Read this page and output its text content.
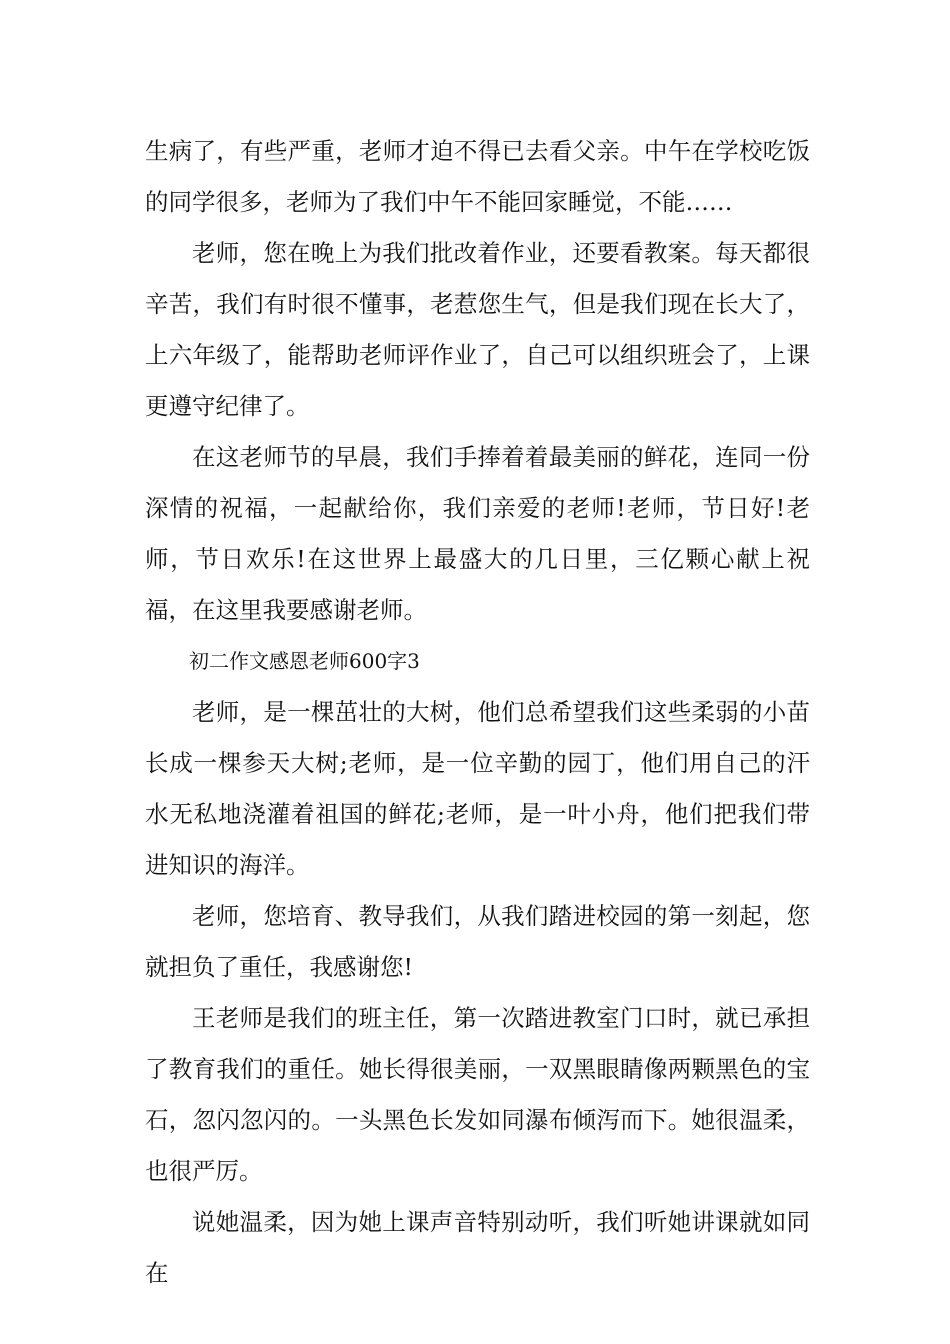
生病了，有些严重，老师才迫不得已去看父亲。中午在学校吃饭的同学很多，老师为了我们中午不能回家睡觉，不能……

老师，您在晚上为我们批改着作业，还要看教案。每天都很辛苦，我们有时很不懂事，老惹您生气，但是我们现在长大了，上六年级了，能帮助老师评作业了，自己可以组织班会了，上课更遵守纪律了。

在这老师节的早晨，我们手捧着着最美丽的鲜花，连同一份深情的祝福，一起献给你，我们亲爱的老师!老师，节日好!老师，节日欢乐!在这世界上最盛大的几日里，三亿颗心献上祝福，在这里我要感谢老师。

初二作文感恩老师600字3

老师，是一棵茁壮的大树，他们总希望我们这些柔弱的小苗长成一棵参天大树;老师，是一位辛勤的园丁，他们用自己的汗水无私地浇灌着祖国的鲜花;老师，是一叶小舟，他们把我们带进知识的海洋。

老师，您培育、教导我们，从我们踏进校园的第一刻起，您就担负了重任，我感谢您!

王老师是我们的班主任，第一次踏进教室门口时，就已承担了教育我们的重任。她长得很美丽，一双黑眼睛像两颗黑色的宝石，忽闪忽闪的。一头黑色长发如同瀑布倾泻而下。她很温柔，也很严厉。

说她温柔，因为她上课声音特别动听，我们听她讲课就如同在
